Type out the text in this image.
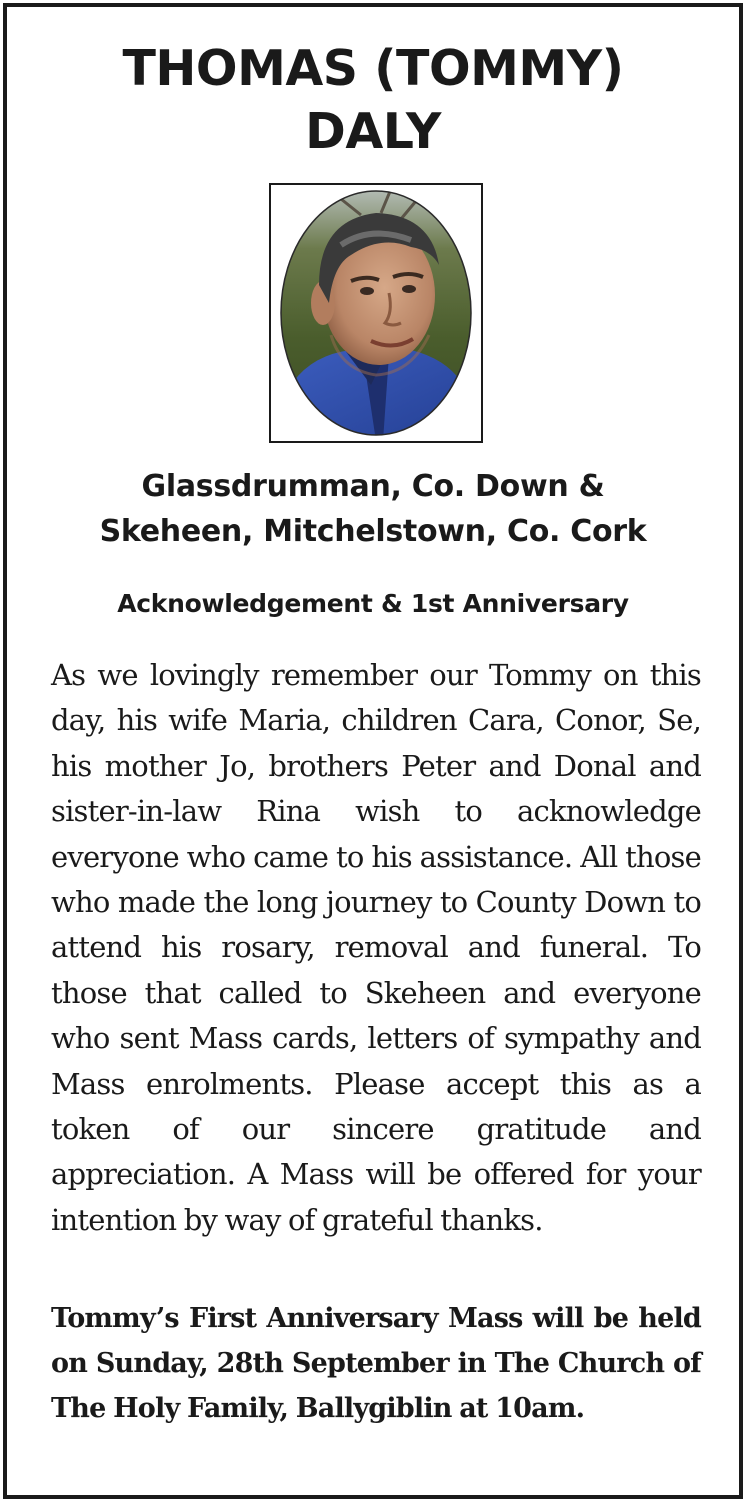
THOMAS (TOMMY)
DALY
Glassdrumman, Co. Down &
Skeheen, Mitchelstown, Co. Cork
Acknowledgement & 1st Anniversary
As we lovingly remember our Tommy on this day, his wife Maria, children Cara, Conor, Se, his mother Jo, brothers Peter and Donal and sister-in-law Rina wish to acknowledge everyone who came to his assistance. All those who made the long journey to County Down to attend his rosary, removal and funeral. To those that called to Skeheen and everyone who sent Mass cards, letters of sympathy and Mass enrolments. Please accept this as a token of our sincere gratitude and appreciation. A Mass will be offered for your intention by way of grateful thanks.
Tommy’s First Anniversary Mass will be held on Sunday, 28th September in The Church of The Holy Family, Ballygiblin at 10am.
